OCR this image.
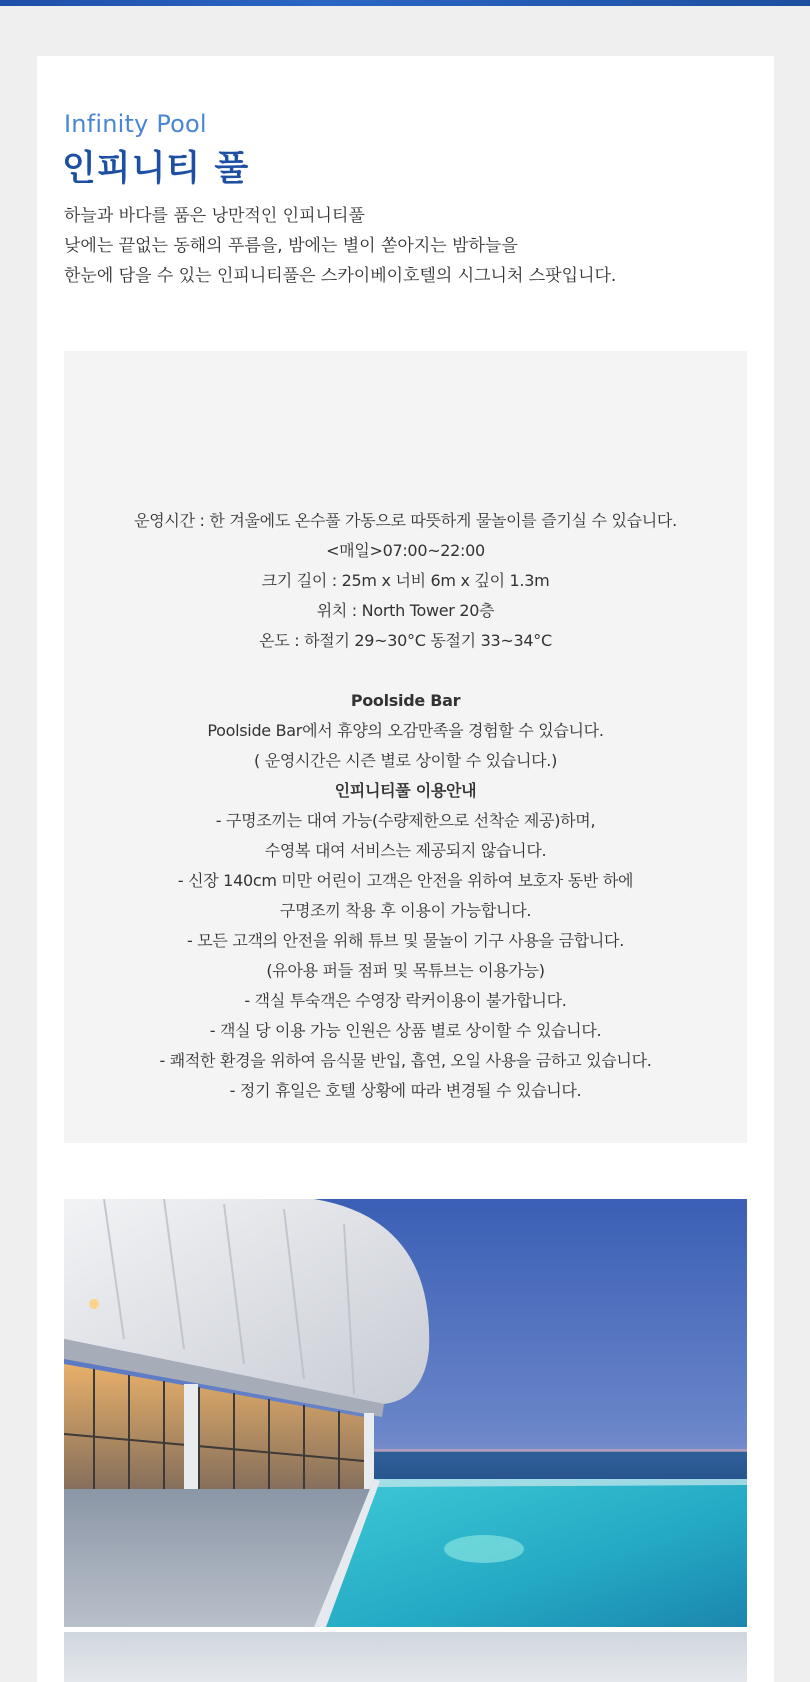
Infinity Pool
인피니티 풀

하늘과 바다를 품은 낭만적인 인피니티풀

낮에는 끝없는 동해의 푸름을, 밤에는 별이 쏟아지는 밤하늘을

한눈에 담을 수 있는 인피니티풀은 스카이베이호텔의 시그니처 스팟입니다.

운영시간 : 한 겨울에도 온수풀 가동으로 따뜻하게 물놀이를 즐기실 수 있습니다.

<매일>07:00~22:00

크기 길이 : 25m x 너비 6m x 깊이 1.3m

위치 : North Tower 20층

온도 : 하절기 29~30°C 동절기 33~34°C

Poolside Bar

Poolside Bar에서 휴양의 오감만족을 경험할 수 있습니다.

( 운영시간은 시즌 별로 상이할 수 있습니다.)

인피니티풀 이용안내

- 구명조끼는 대여 가능(수량제한으로 선착순 제공)하며,

수영복 대여 서비스는 제공되지 않습니다.

- 신장 140cm 미만 어린이 고객은 안전을 위하여 보호자 동반 하에

구명조끼 착용 후 이용이 가능합니다.

- 모든 고객의 안전을 위해 튜브 및 물놀이 기구 사용을 금합니다.

(유아용 퍼들 점퍼 및 목튜브는 이용가능)

- 객실 투숙객은 수영장 락커이용이 불가합니다.

- 객실 당 이용 가능 인원은 상품 별로 상이할 수 있습니다.

- 쾌적한 환경을 위하여 음식물 반입, 흡연, 오일 사용을 금하고 있습니다.

- 정기 휴일은 호텔 상황에 따라 변경될 수 있습니다.
